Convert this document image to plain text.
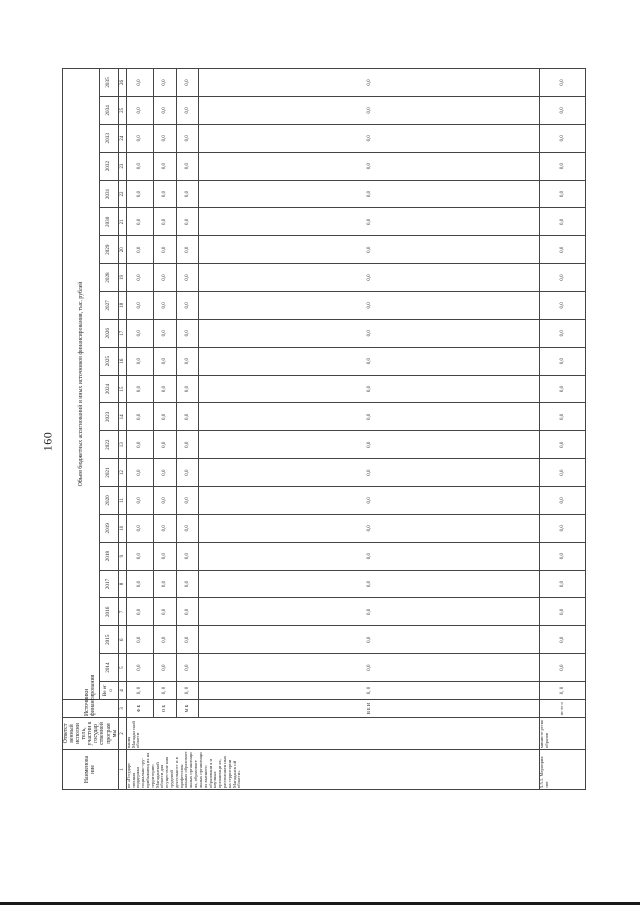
160
Наименова ние	Ответст венный исполни тель, участни к государ ственной програм мы	Источники финансирования	Объем бюджетных ассигнований и иных источников финансирования, тыс. рублей																						
			Ве ег о	2014	2015	2016	2017	2018	2019	2020	2021	2022	2023	2024	2025	2026	2027	2028	2029	2030	2031	2032	2033	2034	2035
1	2	3	4	5	6	7	8	9	10	11	12	13	14	15	16	17	18	19	20	21	22	23	24	25	26
ие «Государс твенная поддержка социально-тру- прибывающ их на территорию Магаданской области для осуществле ния трудовой деятельност и в профессион альных образовате льных организаци ях, образовате льных организаци ях высшего образовани я и научных организаци ях, расположен ных на территории Магаданск ой области»	вания Магадан ской области	Ф Б	0, 0	0,0	0,0	0,0	0,0	0,0	0,0	0,0	0,0	0,0	0,0	0,0	0,0	0,0	0,0	0,0	0,0	0,0	0,0	0,0	0,0	0,0	0,0
		О Б	0, 0	0,0	0,0	0,0	0,0	0,0	0,0	0,0	0,0	0,0	0,0	0,0	0,0	0,0	0,0	0,0	0,0	0,0	0,0	0,0	0,0	0,0	0,0
		М Б	0, 0	0,0	0,0	0,0	0,0	0,0	0,0	0,0	0,0	0,0	0,0	0,0	0,0	0,0	0,0	0,0	0,0	0,0	0,0	0,0	0,0	0,0	0,0
		В Б И	0, 0	0,0	0,0	0,0	0,0	0,0	0,0	0,0	0,0	0,0	0,0	0,0	0,0	0,0	0,0	0,0	0,0	0,0	0,0	0,0	0,0	0,0	0,0
5.5.1. Мероприя тие	министе рство образов	вс ег о	0, 0	0,0	0,0	0,0	0,0	0,0	0,0	0,0	0,0	0,0	0,0	0,0	0,0	0,0	0,0	0,0	0,0	0,0	0,0	0,0	0,0	0,0	0,0
